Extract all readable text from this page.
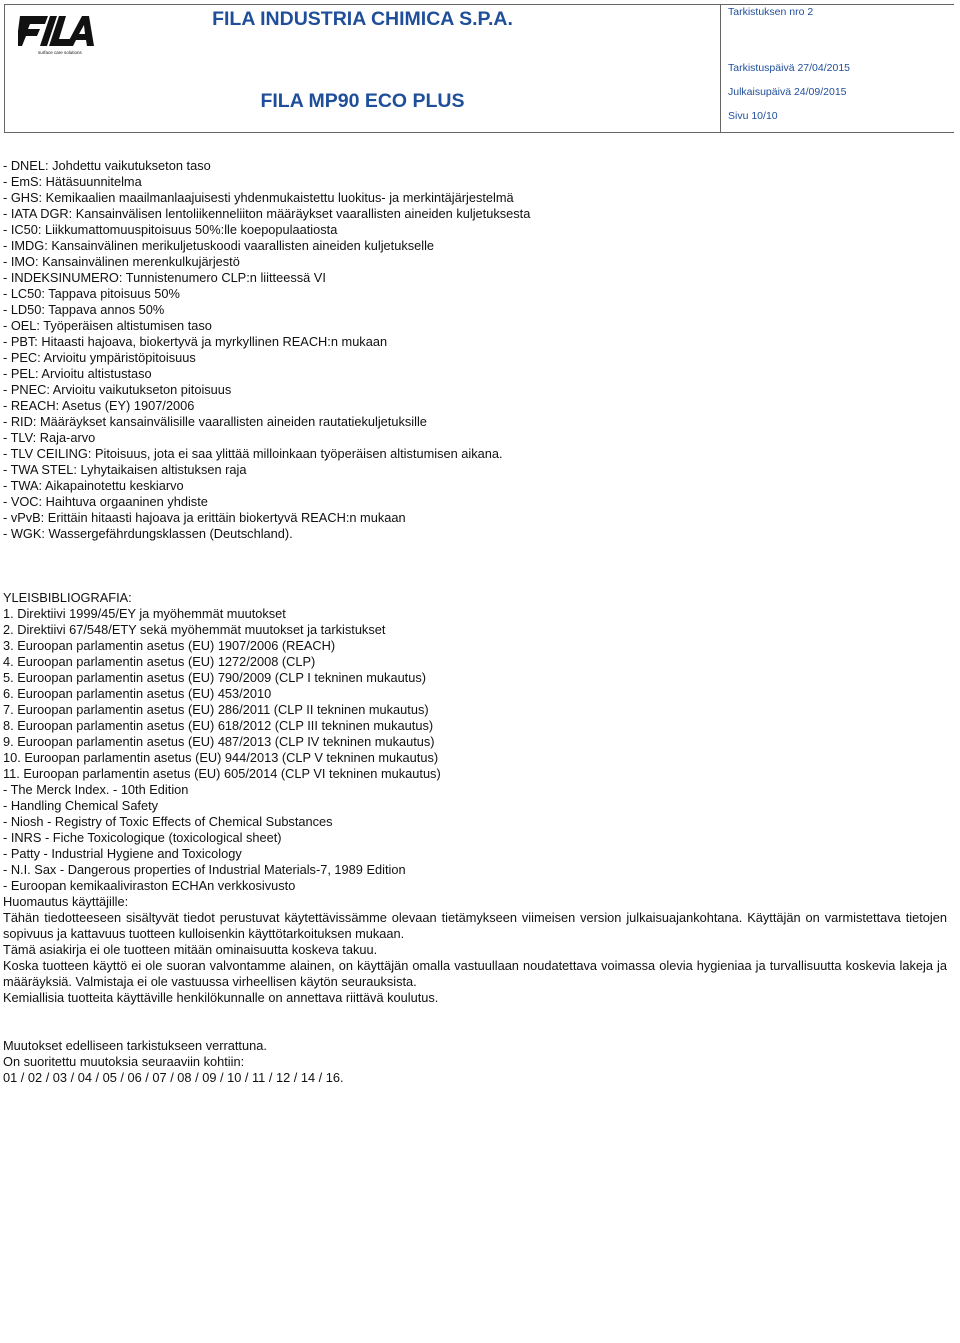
surface care solutions
FILA INDUSTRIA CHIMICA S.P.A.
FILA MP90 ECO PLUS
Tarkistuksen nro 2
Tarkistuspäivä 27/04/2015
Julkaisupäivä 24/09/2015
Sivu 10/10
- DNEL: Johdettu vaikutukseton taso
- EmS: Hätäsuunnitelma
- GHS: Kemikaalien maailmanlaajuisesti yhdenmukaistettu luokitus- ja merkintäjärjestelmä
- IATA DGR: Kansainvälisen lentoliikenneliiton määräykset vaarallisten aineiden kuljetuksesta
- IC50: Liikkumattomuuspitoisuus 50%:lle koepopulaatiosta
- IMDG: Kansainvälinen merikuljetuskoodi vaarallisten aineiden kuljetukselle
- IMO: Kansainvälinen merenkulkujärjestö
- INDEKSINUMERO: Tunnistenumero CLP:n liitteessä VI
- LC50: Tappava pitoisuus 50%
- LD50: Tappava annos 50%
- OEL: Työperäisen altistumisen taso
- PBT: Hitaasti hajoava, biokertyvä ja myrkyllinen REACH:n mukaan
- PEC: Arvioitu ympäristöpitoisuus
- PEL: Arvioitu altistustaso
- PNEC: Arvioitu vaikutukseton pitoisuus
- REACH: Asetus (EY) 1907/2006
- RID: Määräykset kansainvälisille vaarallisten aineiden rautatiekuljetuksille
- TLV: Raja-arvo
- TLV CEILING: Pitoisuus, jota ei saa ylittää milloinkaan työperäisen altistumisen aikana.
- TWA STEL: Lyhytaikaisen altistuksen raja
- TWA: Aikapainotettu keskiarvo
- VOC: Haihtuva orgaaninen yhdiste
- vPvB: Erittäin hitaasti hajoava ja erittäin biokertyvä REACH:n mukaan
- WGK: Wassergefährdungsklassen (Deutschland).
YLEISBIBLIOGRAFIA:
1. Direktiivi 1999/45/EY ja myöhemmät muutokset
2. Direktiivi 67/548/ETY sekä myöhemmät muutokset ja tarkistukset
3. Euroopan parlamentin asetus (EU) 1907/2006 (REACH)
4. Euroopan parlamentin asetus (EU) 1272/2008 (CLP)
5. Euroopan parlamentin asetus (EU) 790/2009 (CLP I tekninen mukautus)
6. Euroopan parlamentin asetus (EU) 453/2010
7. Euroopan parlamentin asetus (EU) 286/2011 (CLP II tekninen mukautus)
8. Euroopan parlamentin asetus (EU) 618/2012 (CLP III tekninen mukautus)
9. Euroopan parlamentin asetus (EU) 487/2013 (CLP IV tekninen mukautus)
10. Euroopan parlamentin asetus (EU) 944/2013 (CLP V tekninen mukautus)
11. Euroopan parlamentin asetus (EU) 605/2014 (CLP VI tekninen mukautus)
- The Merck Index. - 10th Edition
- Handling Chemical Safety
- Niosh - Registry of Toxic Effects of Chemical Substances
- INRS - Fiche Toxicologique (toxicological sheet)
- Patty - Industrial Hygiene and Toxicology
- N.I. Sax - Dangerous properties of Industrial Materials-7, 1989 Edition
- Euroopan kemikaaliviraston ECHAn verkkosivusto
Huomautus käyttäjille:
Tähän tiedotteeseen sisältyvät tiedot perustuvat käytettävissämme olevaan tietämykseen viimeisen version julkaisuajankohtana. Käyttäjän on varmistettava tietojen sopivuus ja kattavuus tuotteen kulloisenkin käyttötarkoituksen mukaan.
Tämä asiakirja ei ole tuotteen mitään ominaisuutta koskeva takuu.
Koska tuotteen käyttö ei ole suoran valvontamme alainen, on käyttäjän omalla vastuullaan noudatettava voimassa olevia hygieniaa ja turvallisuutta koskevia lakeja ja määräyksiä. Valmistaja ei ole vastuussa virheellisen käytön seurauksista.
Kemiallisia tuotteita käyttäville henkilökunnalle on annettava riittävä koulutus.
Muutokset edelliseen tarkistukseen verrattuna.
On suoritettu muutoksia seuraaviin kohtiin:
01 / 02 / 03 / 04 / 05 / 06 / 07 / 08 / 09 / 10 / 11 / 12 / 14 / 16.
